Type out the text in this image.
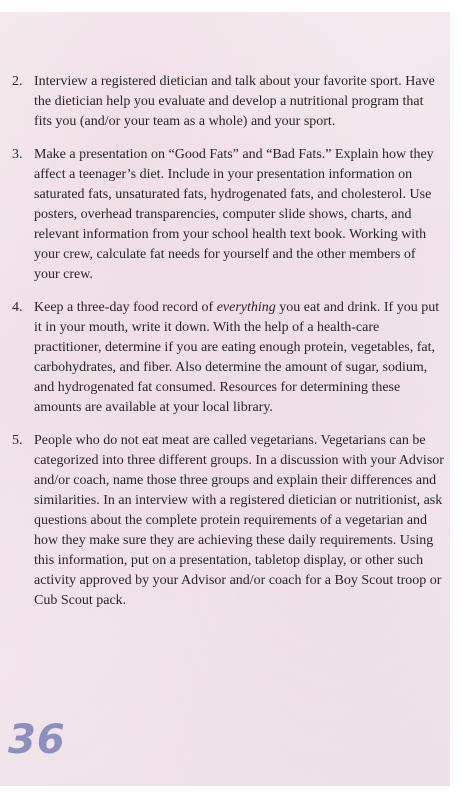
2. Interview a registered dietician and talk about your favorite sport. Have the dietician help you evaluate and develop a nutritional program that fits you (and/or your team as a whole) and your sport.
3. Make a presentation on “Good Fats” and “Bad Fats.” Explain how they affect a teenager’s diet. Include in your presentation information on saturated fats, unsaturated fats, hydrogenated fats, and cholesterol. Use posters, overhead transparencies, computer slide shows, charts, and relevant information from your school health text book. Working with your crew, calculate fat needs for yourself and the other members of your crew.
4. Keep a three-day food record of everything you eat and drink. If you put it in your mouth, write it down. With the help of a health-care practitioner, determine if you are eating enough protein, vegetables, fat, carbohydrates, and fiber. Also determine the amount of sugar, sodium, and hydrogenated fat consumed. Resources for determining these amounts are available at your local library.
5. People who do not eat meat are called vegetarians. Vegetarians can be categorized into three different groups. In a discussion with your Advisor and/or coach, name those three groups and explain their differences and similarities. In an interview with a registered dietician or nutritionist, ask questions about the complete protein requirements of a vegetarian and how they make sure they are achieving these daily requirements. Using this information, put on a presentation, tabletop display, or other such activity approved by your Advisor and/or coach for a Boy Scout troop or Cub Scout pack.
36
